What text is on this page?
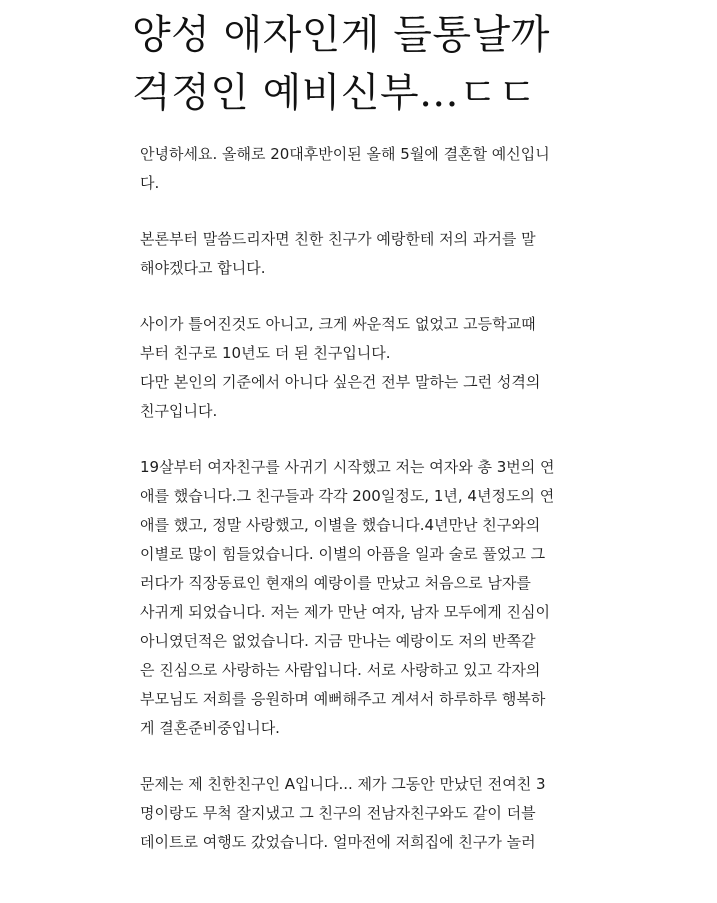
양성 애자인게 들통날까
걱정인 예비신부...ㄷㄷ

안녕하세요. 올해로 20대후반이된 올해 5월에 결혼할 예신입니
다.

본론부터 말씀드리자면 친한 친구가 예랑한테 저의 과거를 말
해야겠다고 합니다.

사이가 틀어진것도 아니고, 크게 싸운적도 없었고 고등학교때
부터 친구로 10년도 더 된 친구입니다.
다만 본인의 기준에서 아니다 싶은건 전부 말하는 그런 성격의
친구입니다.

19살부터 여자친구를 사귀기 시작했고 저는 여자와 총 3번의 연
애를 했습니다.그 친구들과 각각 200일정도, 1년, 4년정도의 연
애를 했고, 정말 사랑했고, 이별을 했습니다.4년만난 친구와의
이별로 많이 힘들었습니다. 이별의 아픔을 일과 술로 풀었고 그
러다가 직장동료인 현재의 예랑이를 만났고 처음으로 남자를
사귀게 되었습니다. 저는 제가 만난 여자, 남자 모두에게 진심이
아니였던적은 없었습니다. 지금 만나는 예랑이도 저의 반쪽같
은 진심으로 사랑하는 사람입니다. 서로 사랑하고 있고 각자의
부모님도 저희를 응원하며 예뻐해주고 계셔서 하루하루 행복하
게 결혼준비중입니다.

문제는 제 친한친구인 A입니다... 제가 그동안 만났던 전여친 3
명이랑도 무척 잘지냈고 그 친구의 전남자친구와도 같이 더블
데이트로 여행도 갔었습니다. 얼마전에 저희집에 친구가 놀러
